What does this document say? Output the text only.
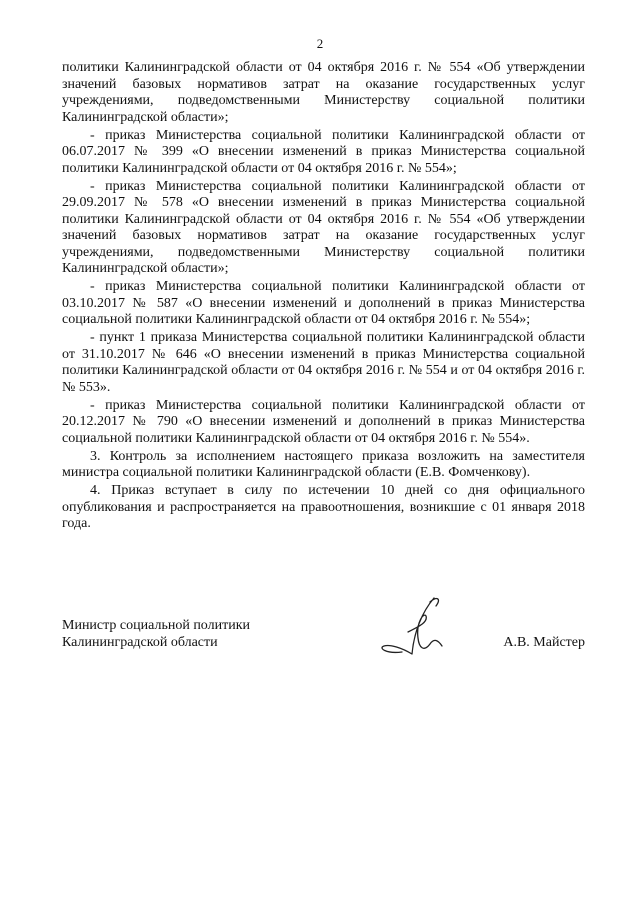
2

политики Калининградской области от 04 октября 2016 г. № 554 «Об утверждении значений базовых нормативов затрат на оказание государственных услуг учреждениями, подведомственными Министерству социальной политики Калининградской области»;

- приказ Министерства социальной политики Калининградской области от 06.07.2017 № 399 «О внесении изменений в приказ Министерства социальной политики Калининградской области от 04 октября 2016 г. № 554»;

- приказ Министерства социальной политики Калининградской области от 29.09.2017 № 578 «О внесении изменений в приказ Министерства социальной политики Калининградской области от 04 октября 2016 г. № 554 «Об утверждении значений базовых нормативов затрат на оказание государственных услуг учреждениями, подведомственными Министерству социальной политики Калининградской области»;

- приказ Министерства социальной политики Калининградской области от 03.10.2017 № 587 «О внесении изменений и дополнений в приказ Министерства социальной политики Калининградской области от 04 октября 2016 г. № 554»;

- пункт 1 приказа Министерства социальной политики Калининградской области от 31.10.2017 № 646 «О внесении изменений в приказ Министерства социальной политики Калининградской области от 04 октября 2016 г. № 554 и от 04 октября 2016 г. № 553».

- приказ Министерства социальной политики Калининградской области от 20.12.2017 № 790 «О внесении изменений и дополнений в приказ Министерства социальной политики Калининградской области от 04 октября 2016 г. № 554».

3. Контроль за исполнением настоящего приказа возложить на заместителя министра социальной политики Калининградской области (Е.В. Фомченкову).

4. Приказ вступает в силу по истечении 10 дней со дня официального опубликования и распространяется на правоотношения, возникшие с 01 января 2018 года.

Министр социальной политики
Калининградской области	А.В. Майстер
